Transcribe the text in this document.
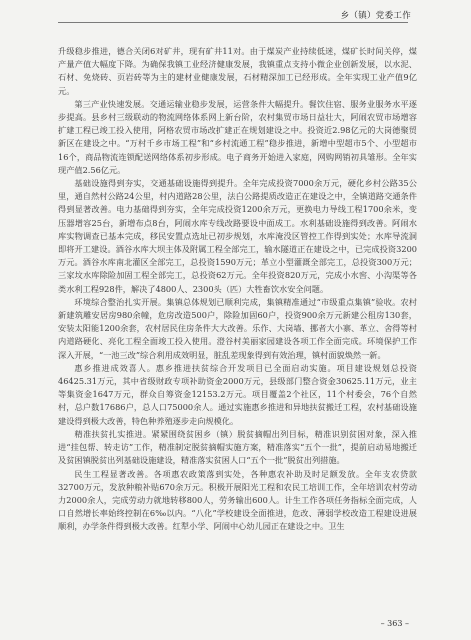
乡（镇）党委工作

升级稳步推进，德合关闭6对矿井，现有矿井11对。由于煤炭产业持续低迷，煤矿长时间关停，煤产量产值大幅度下降。为确保我镇工业经济健康发展，我镇重点支持小微企业创新发展，以水泥、石材、免烧砖、页岩砖等为主的建材业健康发展，石材精深加工已经形成。全年实现工业产值9亿元。

第三产业快速发展。交通运输业稳步发展，运营条件大幅提升。餐饮住宿、服务业服务水平逐步提高。县乡村三级联动的物流网络体系网上新台阶，农村集贸市场日益壮大，阿闹农贸市场增容扩建工程已竣工投入使用，阿格农贸市场改扩建正在规划建设之中。投资近2.98亿元的大岗德聚贸新区在建设之中。“万村千乡市场工程”和“乡村流通工程”稳步推进，新增中型超市5个、小型超市16个，商品物流连锁配送网络体系初步形成。电子商务开始进入家庭，网购网销初具雏形。全年实现产值2.56亿元。

基础设施得到夯实，交通基础设施得到提升。全年完成投资7000余万元，硬化乡村公路35公里，通自然村公路24公里，村内道路28公里，法白公路提质改造正在建设之中，全镇道路交通条件得到显著改善。电力基础得到夯实，全年完成投资1200余万元，更换电力导线工程1700余米，变压器增容25台，新增布点8台，阿闹水库专线改路要设中面成工。水利基础设施得到改善。阿闹水库实物调查已基本完成，移民安置点选址已初步规划，水库淹没区管控工作得到实处；水库导流洞即将开工建设。酒谷水库大坝主体及附属工程全部完工，输水隧道正在建设之中，已完成投资3200万元。酒谷水库南北灌区全部完工，总投资1590万元；革立小型灌溉全部完工，总投资300万元；三家坟水库除险加固工程全部完工，总投资62万元。全年投资820万元，完成小水窖、小沟渠等各类水利工程928件，解决了4800人、2300头（匹）大牲畜饮水安全问题。

环境综合整治扎实开展。集镇总体规划已顺利完成，集镇精准通过“市级重点集镇”验收。农村新建筑雕安居房980余幢，危房改造500户，除险加固60户，投资900余万元新建公租房130套，安装太阳能1200余套，农村居民住房条件大大改善。乐作、大岗墙、挪者大小寨、革立、舍得等村内道路硬化、亮化工程全面竣工投入使用。澄谷村美丽家园建设各项工作全面完成。环境保护工作深入开展，“一池三改”综合利用成效明显，脏乱差现象得到有效治理，镇村面貌焕然一新。

惠乡推进成效喜人。惠乡推进扶贫综合开发项目已全面启动实施。项目建设规划总投资46425.31万元，其中省级财政专项补助资金2000万元，县级部门整合资金30625.11万元，业主等集资金1647万元，群众自筹资金12153.2万元。项目覆盖2个社区，11个村委会，76个自然村，总户数17686户，总人口75000余人。通过实施惠乡推进和异地扶贫搬迁工程，农村基础设施建设得到极大改善，特色种养殖逐步走向规模化。

精准扶贫扎实推进。紧紧围绕贫困乡（镇）脱贫摘帽出列目标，精准识别贫困对象，深入推进“挂包帮、转走访”工作，精准制定脱贫摘帽实施方案，精准落实“五个一批”，提前启动易地搬迁及贫困镇脱贫出列基础设施建设，精准落实贫困人口“五个一批”脱贫出列措施。

民生工程显著改善。各项惠农政策落到实处，各种惠农补助及时足额发放。全年支农贷款32700万元，发放种粮补贴670余万元。积极开展阳光工程和农民工培训工作，全年培训农村劳动力2000余人，完成劳动力就地转移800人，劳务输出600人。计生工作各项任务指标全面完成，人口自然增长率始终控制在6‰以内。“八化”学校建设全面推进，危改、薄弱学校改造工程建设进展顺利，办学条件得到极大改善。红犁小学、阿闹中心幼儿园正在建设之中。卫生

– 363 –
